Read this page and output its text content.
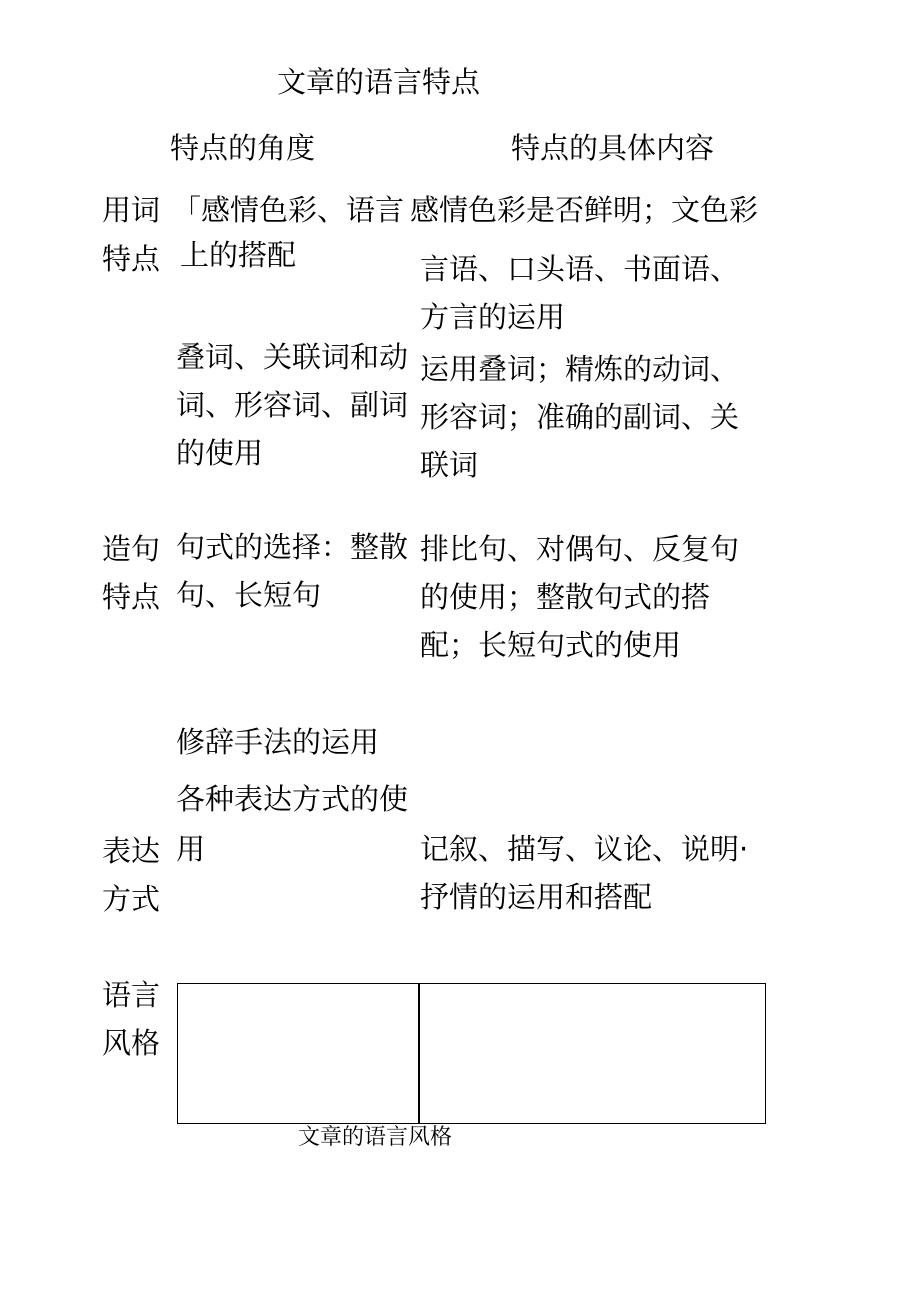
文章的语言特点
特点的角度	特点的具体内容
用词
特点
「感情色彩、语言
上的搭配
感情色彩是否鲜明；文色彩
言语、口头语、书面语、
方言的运用
叠词、关联词和动
词、形容词、副词
的使用
运用叠词；精炼的动词、
形容词；准确的副词、关
联词
造句
特点
句式的选择：整散
句、长短句
排比句、对偶句、反复句
的使用；整散句式的搭
配；长短句式的使用
修辞手法的运用
各种表达方式的使
用
表达
方式
记叙、描写、议论、说明·
抒情的运用和搭配
语言
风格
文章的语言风格
